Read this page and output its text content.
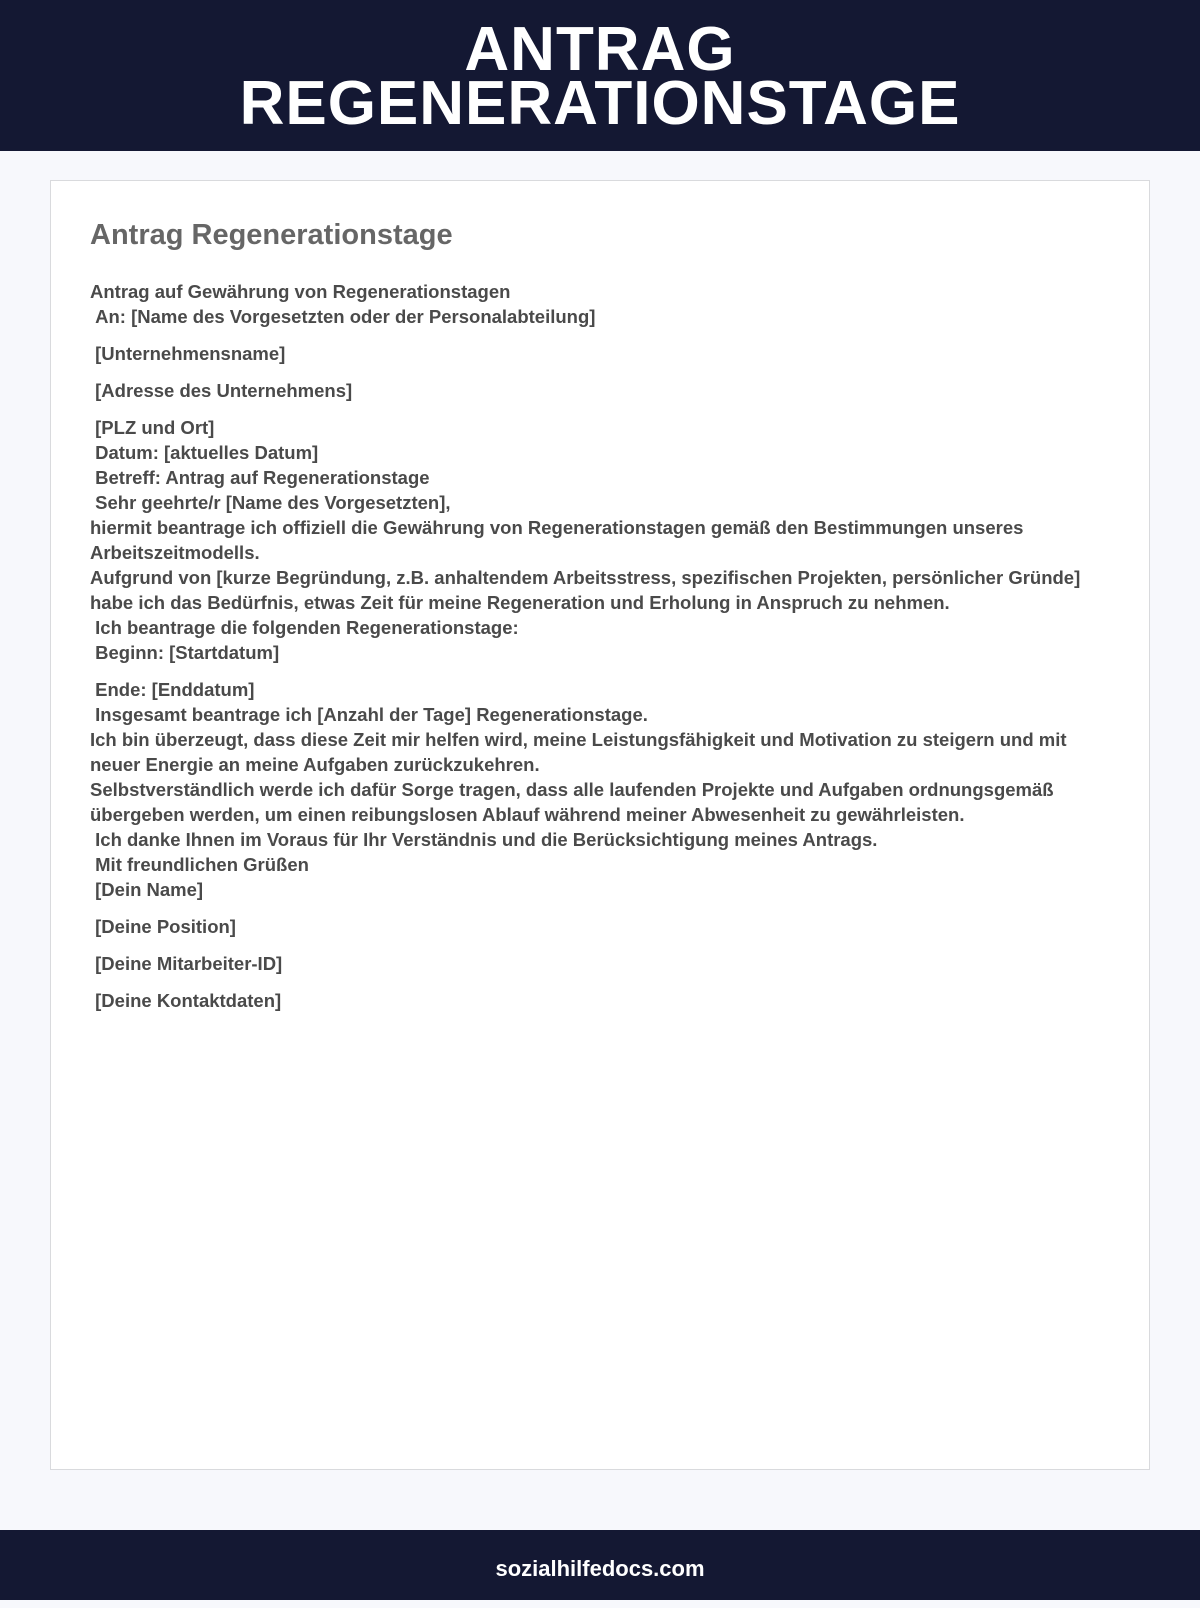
ANTRAG
REGENERATIONSTAGE
Antrag Regenerationstage

Antrag auf Gewährung von Regenerationstagen

An: [Name des Vorgesetzten oder der Personalabteilung]

[Unternehmensname]

[Adresse des Unternehmens]

[PLZ und Ort]

Datum: [aktuelles Datum]

Betreff: Antrag auf Regenerationstage

Sehr geehrte/r [Name des Vorgesetzten],

hiermit beantrage ich offiziell die Gewährung von Regenerationstagen gemäß den Bestimmungen unseres Arbeitszeitmodells.

Aufgrund von [kurze Begründung, z.B. anhaltendem Arbeitsstress, spezifischen Projekten, persönlicher Gründe] habe ich das Bedürfnis, etwas Zeit für meine Regeneration und Erholung in Anspruch zu nehmen.

Ich beantrage die folgenden Regenerationstage:

Beginn: [Startdatum]

Ende: [Enddatum]

Insgesamt beantrage ich [Anzahl der Tage] Regenerationstage.

Ich bin überzeugt, dass diese Zeit mir helfen wird, meine Leistungsfähigkeit und Motivation zu steigern und mit neuer Energie an meine Aufgaben zurückzukehren.

Selbstverständlich werde ich dafür Sorge tragen, dass alle laufenden Projekte und Aufgaben ordnungsgemäß übergeben werden, um einen reibungslosen Ablauf während meiner Abwesenheit zu gewährleisten.

Ich danke Ihnen im Voraus für Ihr Verständnis und die Berücksichtigung meines Antrags.

Mit freundlichen Grüßen

[Dein Name]

[Deine Position]

[Deine Mitarbeiter-ID]

[Deine Kontaktdaten]

sozialhilfedocs.com
